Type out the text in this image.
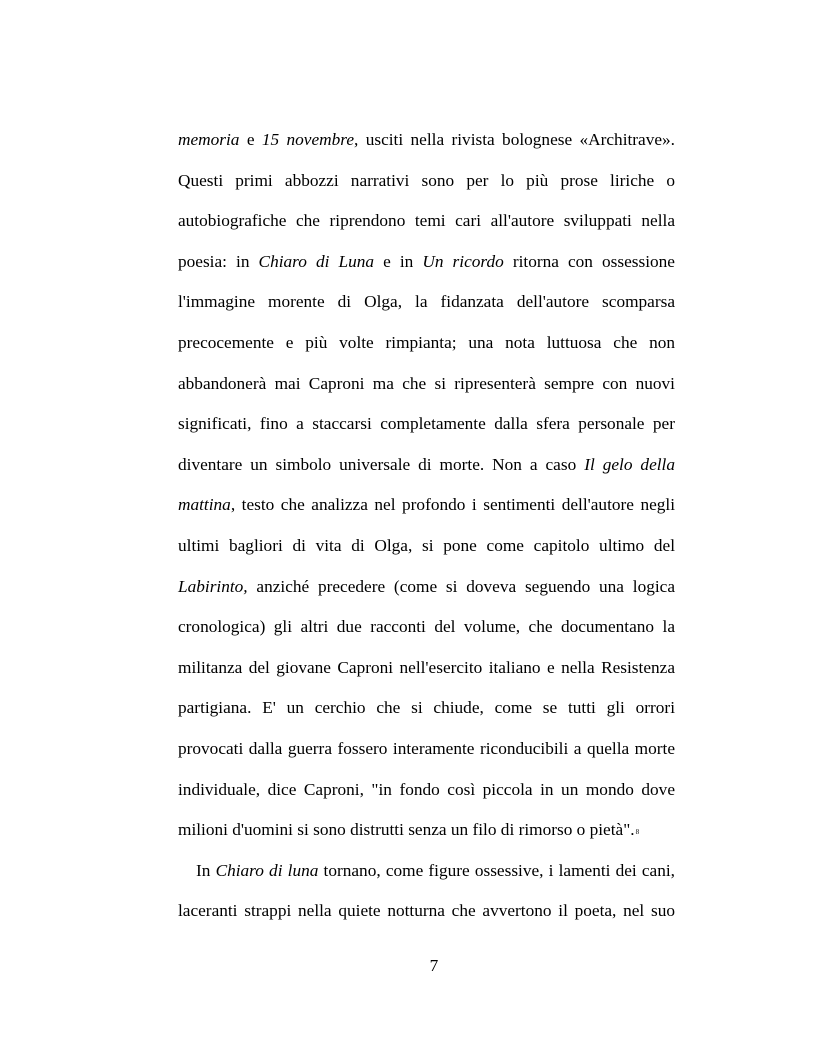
memoria e 15 novembre, usciti nella rivista bolognese «Architrave».
Questi primi abbozzi narrativi sono per lo più prose liriche o
autobiografiche che riprendono temi cari all'autore sviluppati nella
poesia: in Chiaro di Luna e in Un ricordo ritorna con ossessione
l'immagine morente di Olga, la fidanzata dell'autore scomparsa
precocemente e più volte rimpianta; una nota luttuosa che non
abbandonerà mai Caproni ma che si ripresenterà sempre con nuovi
significati, fino a staccarsi completamente dalla sfera personale per
diventare un simbolo universale di morte. Non a caso Il gelo della
mattina, testo che analizza nel profondo i sentimenti dell'autore negli
ultimi bagliori di vita di Olga, si pone come capitolo ultimo del
Labirinto, anziché precedere (come si doveva seguendo una logica
cronologica) gli altri due racconti del volume, che documentano la
militanza del giovane Caproni nell'esercito italiano e nella Resistenza
partigiana. E' un cerchio che si chiude, come se tutti gli orrori
provocati dalla guerra fossero interamente riconducibili a quella morte
individuale, dice Caproni, "in fondo così piccola in un mondo dove
milioni d'uomini si sono distrutti senza un filo di rimorso o pietà".8
In Chiaro di luna tornano, come figure ossessive, i lamenti dei cani,
laceranti strappi nella quiete notturna che avvertono il poeta, nel suo
7
